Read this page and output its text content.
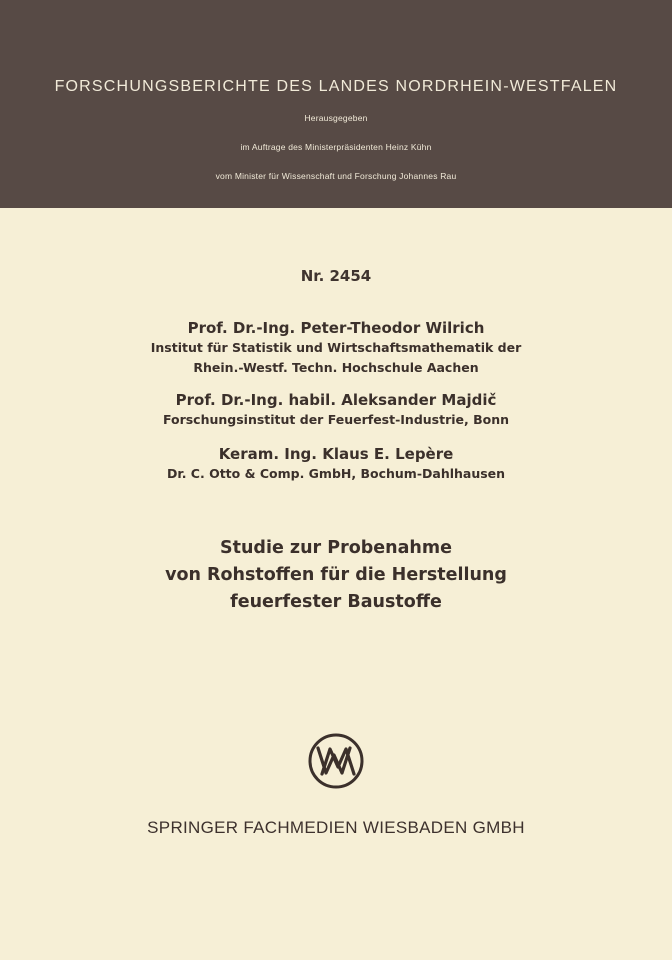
FORSCHUNGSBERICHTE DES LANDES NORDRHEIN-WESTFALEN
Herausgegeben
im Auftrage des Ministerpräsidenten Heinz Kühn
vom Minister für Wissenschaft und Forschung Johannes Rau
Nr. 2454
Prof. Dr.-Ing. Peter-Theodor Wilrich
Institut für Statistik und Wirtschaftsmathematik der
Rhein.-Westf. Techn. Hochschule Aachen
Prof. Dr.-Ing. habil. Aleksander Majdič
Forschungsinstitut der Feuerfest-Industrie, Bonn
Keram. Ing. Klaus E. Lepère
Dr. C. Otto & Comp. GmbH, Bochum-Dahlhausen
Studie zur Probenahme
von Rohstoffen für die Herstellung
feuerfester Baustoffe
SPRINGER FACHMEDIEN WIESBADEN GMBH
